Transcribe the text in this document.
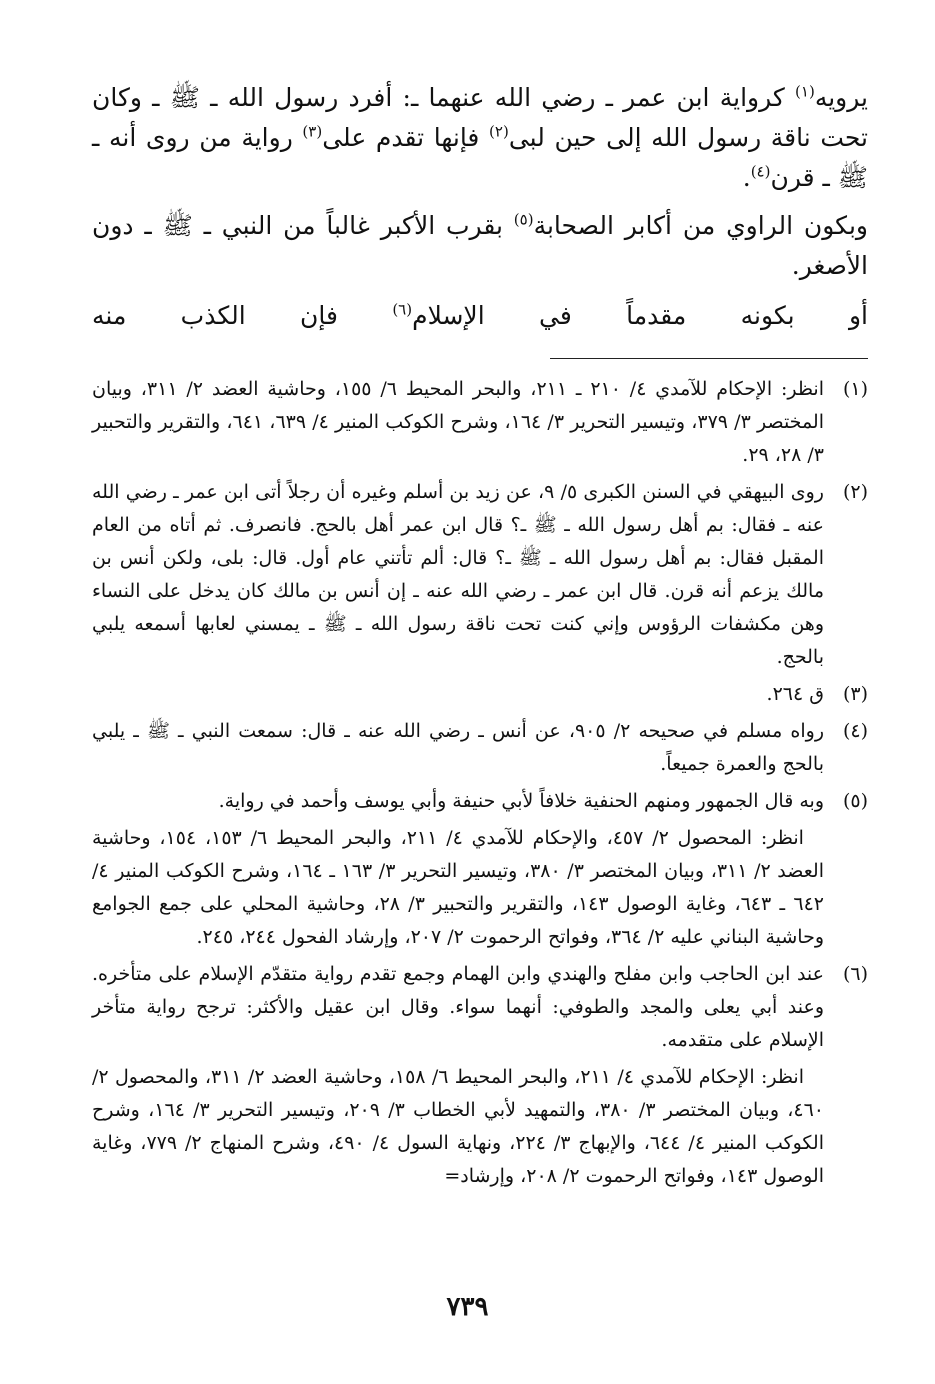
يرويه$^{(١)}$ كرواية ابن عمر ـ رضي الله عنهما ـ: أفرد رسول الله ـ ﷺ ـ وكان تحت ناقة رسول الله إلى حين لبى$^{(٢)}$ فإنها تقدم على$^{(٣)}$ رواية من روى أنه ـ ﷺ ـ قرن$^{(٤)}$.

وبكون الراوي من أكابر الصحابة$^{(٥)}$ بقرب الأكبر غالباً من النبي ـ ﷺ ـ دون الأصغر.

أو بكونه مقدماً في الإسلام$^{(٦)}$ فإن الكذب منه

(١)

انظر: الإحكام للآمدي ٤/ ٢١٠ ـ ٢١١، والبحر المحيط ٦/ ١٥٥، وحاشية العضد ٢/ ٣١١، وبيان المختصر ٣/ ٣٧٩، وتيسير التحرير ٣/ ١٦٤، وشرح الكوكب المنير ٤/ ٦٣٩، ٦٤١، والتقرير والتحبير ٣/ ٢٨، ٢٩.

(٢)

روى البيهقي في السنن الكبرى ٥/ ٩، عن زيد بن أسلم وغيره أن رجلاً أتى ابن عمر ـ رضي الله عنه ـ فقال: بم أهل رسول الله ـ ﷺ ـ؟ قال ابن عمر أهل بالحج. فانصرف. ثم أتاه من العام المقبل فقال: بم أهل رسول الله ـ ﷺ ـ؟ قال: ألم تأتني عام أول. قال: بلى، ولكن أنس بن مالك يزعم أنه قرن. قال ابن عمر ـ رضي الله عنه ـ إن أنس بن مالك كان يدخل على النساء وهن مكشفات الرؤوس وإني كنت تحت ناقة رسول الله ـ ﷺ ـ يمسني لعابها أسمعه يلبي بالحج.

(٣)

ق ٢٦٤.

(٤)

رواه مسلم في صحيحه ٢/ ٩٠٥، عن أنس ـ رضي الله عنه ـ قال: سمعت النبي ـ ﷺ ـ يلبي بالحج والعمرة جميعاً.

(٥)

وبه قال الجمهور ومنهم الحنفية خلافاً لأبي حنيفة وأبي يوسف وأحمد في رواية.

انظر: المحصول ٢/ ٤٥٧، والإحكام للآمدي ٤/ ٢١١، والبحر المحيط ٦/ ١٥٣، ١٥٤، وحاشية العضد ٢/ ٣١١، وبيان المختصر ٣/ ٣٨٠، وتيسير التحرير ٣/ ١٦٣ ـ ١٦٤، وشرح الكوكب المنير ٤/ ٦٤٢ ـ ٦٤٣، وغاية الوصول ١٤٣، والتقرير والتحبير ٣/ ٢٨، وحاشية المحلي على جمع الجوامع وحاشية البناني عليه ٢/ ٣٦٤، وفواتح الرحموت ٢/ ٢٠٧، وإرشاد الفحول ٢٤٤، ٢٤٥.

(٦)

عند ابن الحاجب وابن مفلح والهندي وابن الهمام وجمع تقدم رواية متقدّم الإسلام على متأخره. وعند أبي يعلى والمجد والطوفي: أنهما سواء. وقال ابن عقيل والأكثر: ترجح رواية متأخر الإسلام على متقدمه.

انظر: الإحكام للآمدي ٤/ ٢١١، والبحر المحيط ٦/ ١٥٨، وحاشية العضد ٢/ ٣١١، والمحصول ٢/ ٤٦٠، وبيان المختصر ٣/ ٣٨٠، والتمهيد لأبي الخطاب ٣/ ٢٠٩، وتيسير التحرير ٣/ ١٦٤، وشرح الكوكب المنير ٤/ ٦٤٤، والإبهاج ٣/ ٢٢٤، ونهاية السول ٤/ ٤٩٠، وشرح المنهاج ٢/ ٧٧٩، وغاية الوصول ١٤٣، وفواتح الرحموت ٢/ ٢٠٨، وإرشاد=

٧٣٩
